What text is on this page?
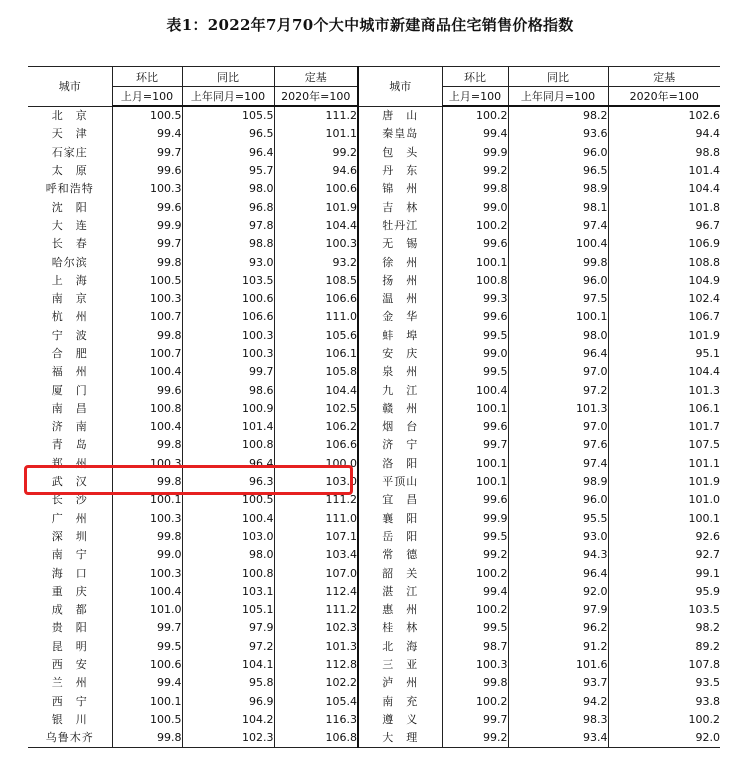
表1：2022年7月70个大中城市新建商品住宅销售价格指数
城市	环比	同比	定基	城市	环比	同比	定基
	上月=100	上年同月=100	2020年=100		上月=100	上年同月=100	2020年=100
北　京	100.5	105.5	111.2	唐　山	100.2	98.2	102.6
天　津	99.4	96.5	101.1	秦皇岛	99.4	93.6	94.4
石家庄	99.7	96.4	99.2	包　头	99.9	96.0	98.8
太　原	99.6	95.7	94.6	丹　东	99.2	96.5	101.4
呼和浩特	100.3	98.0	100.6	锦　州	99.8	98.9	104.4
沈　阳	99.6	96.8	101.9	吉　林	99.0	98.1	101.8
大　连	99.9	97.8	104.4	牡丹江	100.2	97.4	96.7
长　春	99.7	98.8	100.3	无　锡	99.6	100.4	106.9
哈尔滨	99.8	93.0	93.2	徐　州	100.1	99.8	108.8
上　海	100.5	103.5	108.5	扬　州	100.8	96.0	104.9
南　京	100.3	100.6	106.6	温　州	99.3	97.5	102.4
杭　州	100.7	106.6	111.0	金　华	99.6	100.1	106.7
宁　波	99.8	100.3	105.6	蚌　埠	99.5	98.0	101.9
合　肥	100.7	100.3	106.1	安　庆	99.0	96.4	95.1
福　州	100.4	99.7	105.8	泉　州	99.5	97.0	104.4
厦　门	99.6	98.6	104.4	九　江	100.4	97.2	101.3
南　昌	100.8	100.9	102.5	赣　州	100.1	101.3	106.1
济　南	100.4	101.4	106.2	烟　台	99.6	97.0	101.7
青　岛	99.8	100.8	106.6	济　宁	99.7	97.6	107.5
郑　州	100.3	96.4	100.0	洛　阳	100.1	97.4	101.1
武　汉	99.8	96.3	103.0	平顶山	100.1	98.9	101.9
长　沙	100.1	100.5	111.2	宜　昌	99.6	96.0	101.0
广　州	100.3	100.4	111.0	襄　阳	99.9	95.5	100.1
深　圳	99.8	103.0	107.1	岳　阳	99.5	93.0	92.6
南　宁	99.0	98.0	103.4	常　德	99.2	94.3	92.7
海　口	100.3	100.8	107.0	韶　关	100.2	96.4	99.1
重　庆	100.4	103.1	112.4	湛　江	99.4	92.0	95.9
成　都	101.0	105.1	111.2	惠　州	100.2	97.9	103.5
贵　阳	99.7	97.9	102.3	桂　林	99.5	96.2	98.2
昆　明	99.5	97.2	101.3	北　海	98.7	91.2	89.2
西　安	100.6	104.1	112.8	三　亚	100.3	101.6	107.8
兰　州	99.4	95.8	102.2	泸　州	99.8	93.7	93.5
西　宁	100.1	96.9	105.4	南　充	100.2	94.2	93.8
银　川	100.5	104.2	116.3	遵　义	99.7	98.3	100.2
乌鲁木齐	99.8	102.3	106.8	大　理	99.2	93.4	92.0
